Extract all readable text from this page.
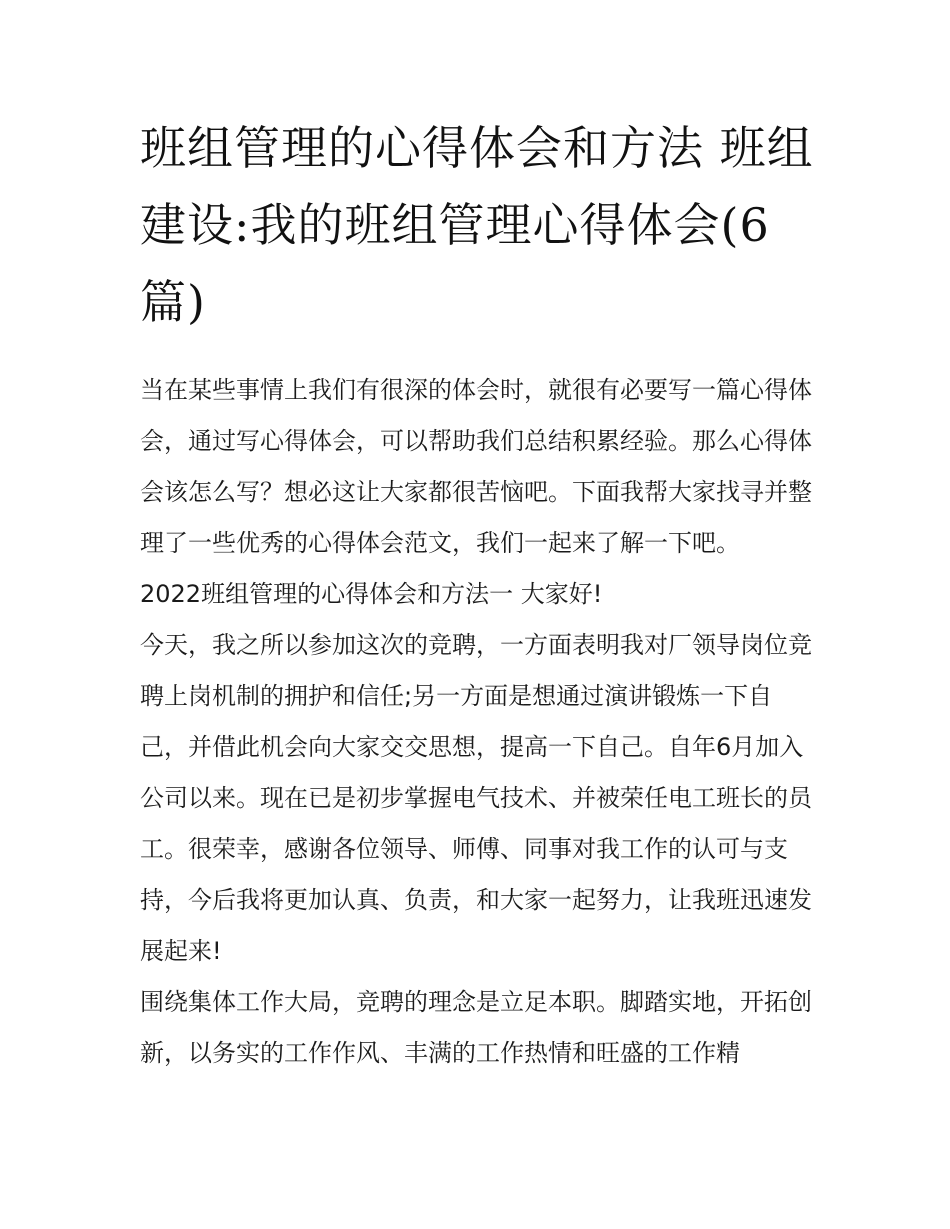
班组管理的心得体会和方法 班组建设:我的班组管理心得体会(6篇)

当在某些事情上我们有很深的体会时，就很有必要写一篇心得体会，通过写心得体会，可以帮助我们总结积累经验。那么心得体会该怎么写？想必这让大家都很苦恼吧。下面我帮大家找寻并整理了一些优秀的心得体会范文，我们一起来了解一下吧。

2022班组管理的心得体会和方法一 大家好!

今天，我之所以参加这次的竞聘，一方面表明我对厂领导岗位竞聘上岗机制的拥护和信任;另一方面是想通过演讲锻炼一下自己，并借此机会向大家交交思想，提高一下自己。自年6月加入公司以来。现在已是初步掌握电气技术、并被荣任电工班长的员工。很荣幸，感谢各位领导、师傅、同事对我工作的认可与支持，今后我将更加认真、负责，和大家一起努力，让我班迅速发展起来!

围绕集体工作大局，竞聘的理念是立足本职。脚踏实地，开拓创新，以务实的工作作风、丰满的工作热情和旺盛的工作精
